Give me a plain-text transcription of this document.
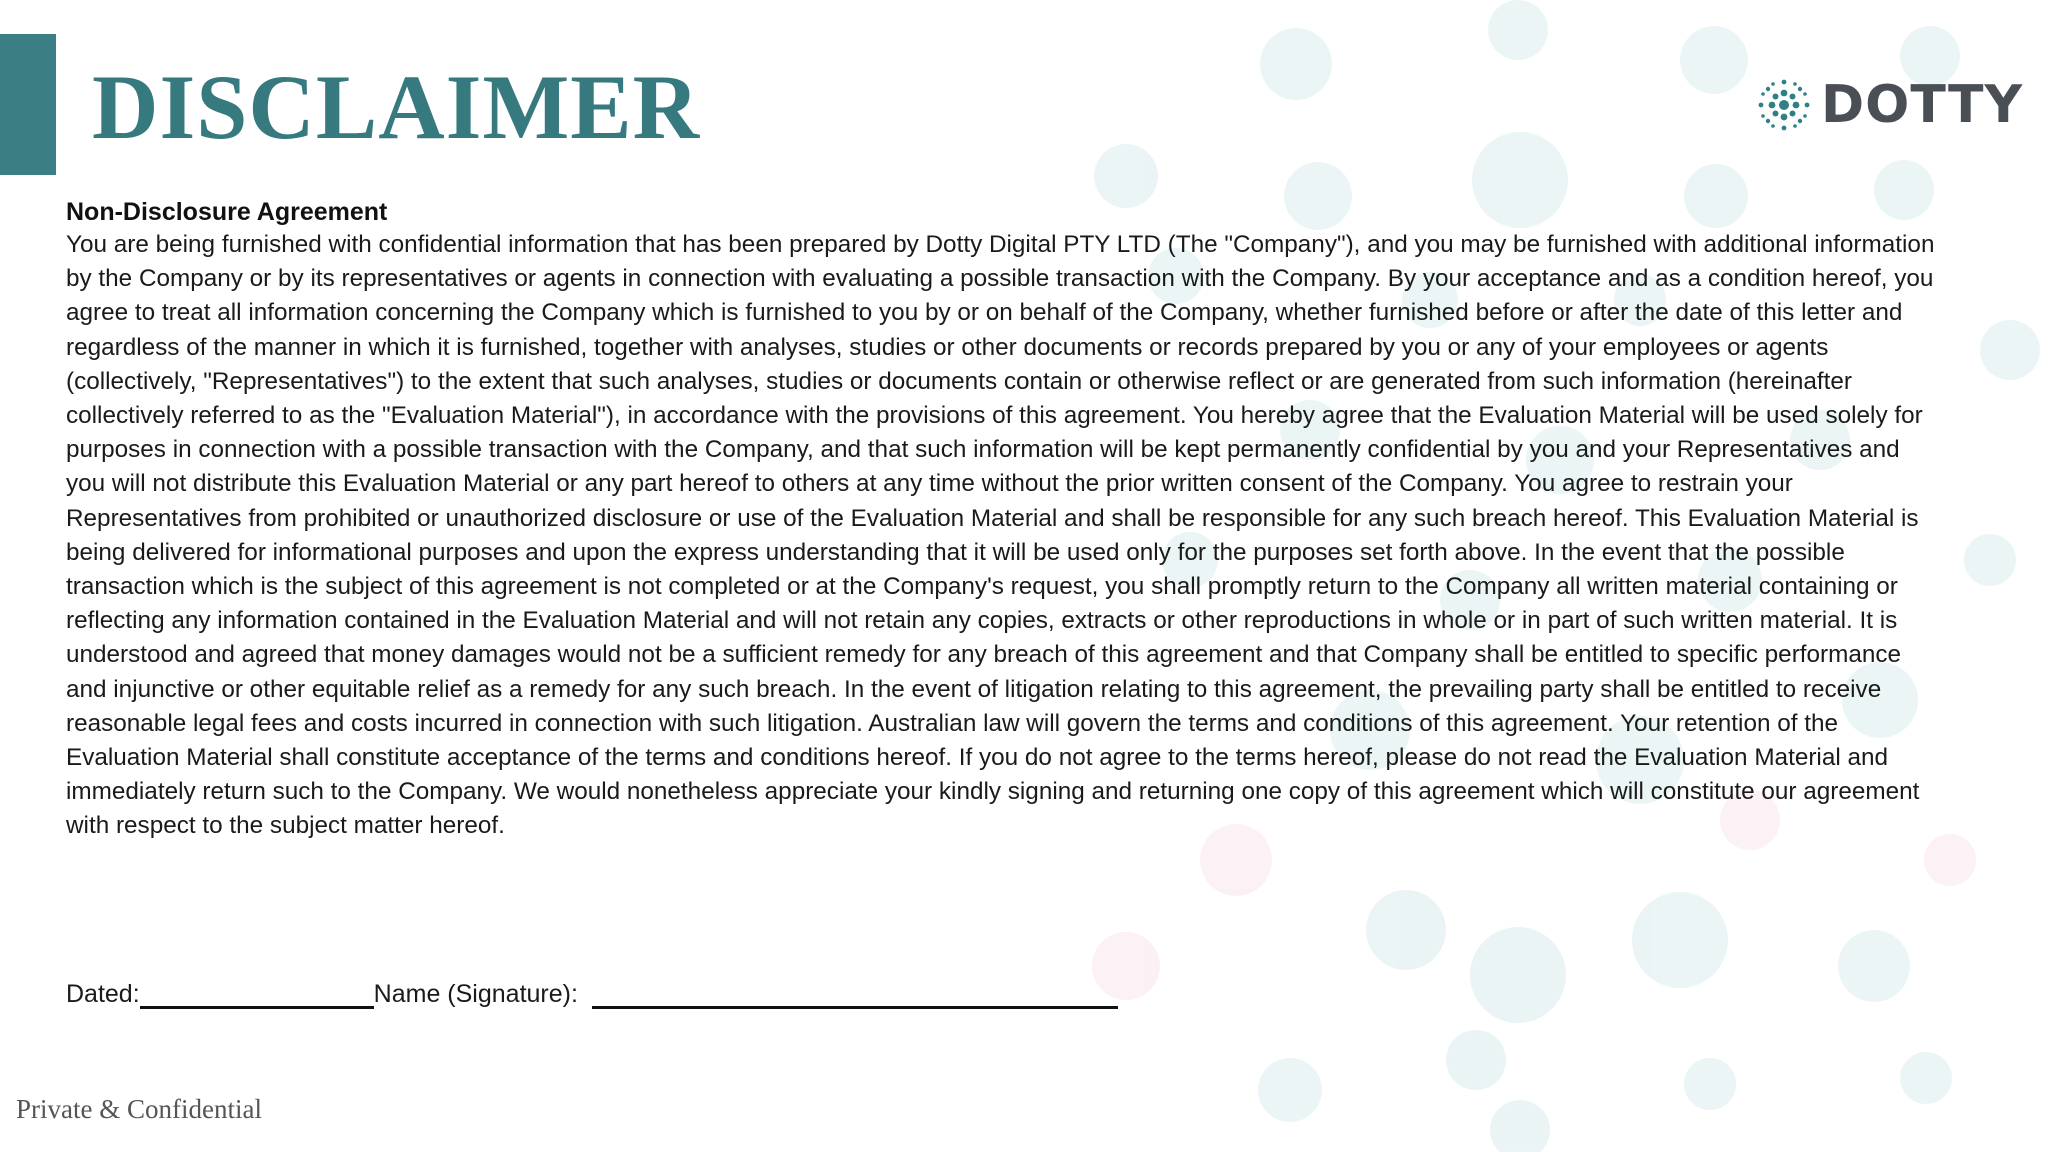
DISCLAIMER	DOTTY

Non-Disclosure Agreement

You are being furnished with confidential information that has been prepared by Dotty Digital PTY LTD (The "Company"), and you may be furnished with additional information by the Company or by its representatives or agents in connection with evaluating a possible transaction with the Company. By your acceptance and as a condition hereof, you agree to treat all information concerning the Company which is furnished to you by or on behalf of the Company, whether furnished before or after the date of this letter and regardless of the manner in which it is furnished, together with analyses, studies or other documents or records prepared by you or any of your employees or agents (collectively, "Representatives") to the extent that such analyses, studies or documents contain or otherwise reflect or are generated from such information (hereinafter collectively referred to as the "Evaluation Material"), in accordance with the provisions of this agreement. You hereby agree that the Evaluation Material will be used solely for purposes in connection with a possible transaction with the Company, and that such information will be kept permanently confidential by you and your Representatives and you will not distribute this Evaluation Material or any part hereof to others at any time without the prior written consent of the Company. You agree to restrain your Representatives from prohibited or unauthorized disclosure or use of the Evaluation Material and shall be responsible for any such breach hereof. This Evaluation Material is being delivered for informational purposes and upon the express understanding that it will be used only for the purposes set forth above. In the event that the possible transaction which is the subject of this agreement is not completed or at the Company's request, you shall promptly return to the Company all written material containing or reflecting any information contained in the Evaluation Material and will not retain any copies, extracts or other reproductions in whole or in part of such written material. It is understood and agreed that money damages would not be a sufficient remedy for any breach of this agreement and that Company shall be entitled to specific performance and injunctive or other equitable relief as a remedy for any such breach. In the event of litigation relating to this agreement, the prevailing party shall be entitled to receive reasonable legal fees and costs incurred in connection with such litigation. Australian law will govern the terms and conditions of this agreement. Your retention of the Evaluation Material shall constitute acceptance of the terms and conditions hereof. If you do not agree to the terms hereof, please do not read the Evaluation Material and immediately return such to the Company. We would nonetheless appreciate your kindly signing and returning one copy of this agreement which will constitute our agreement with respect to the subject matter hereof.

Dated:	Name (Signature):
Private & Confidential
